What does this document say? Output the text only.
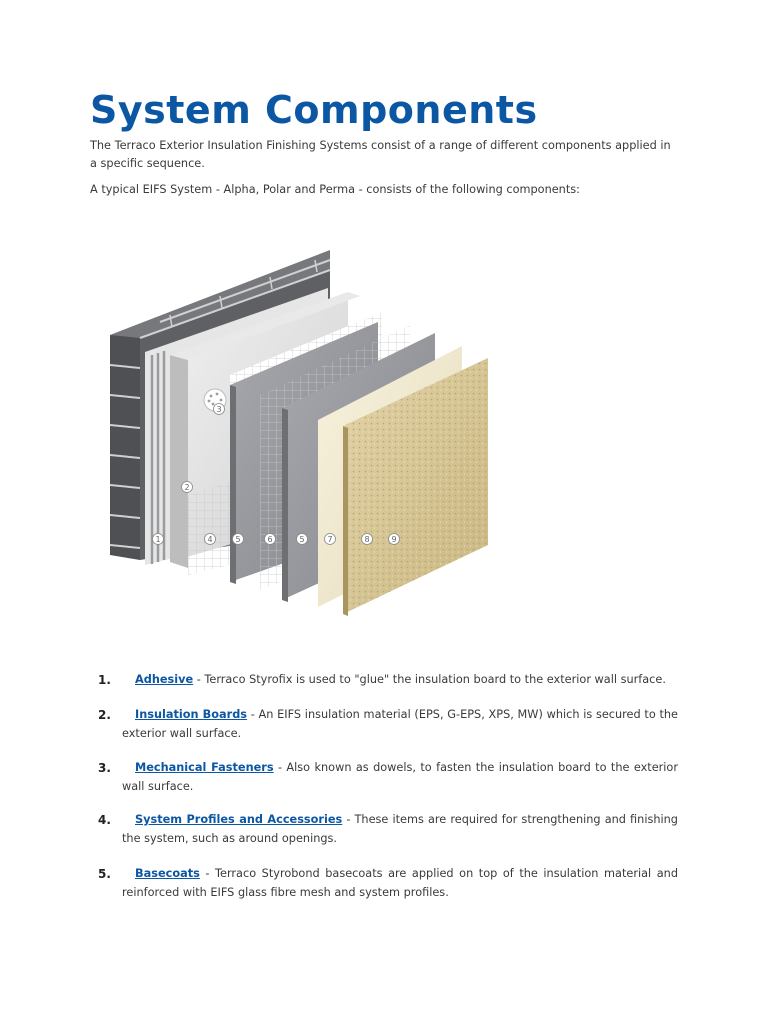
System Components

The Terraco Exterior Insulation Finishing Systems consist of a range of different components applied in a specific sequence.

A typical EIFS System - Alpha, Polar and Perma - consists of the following components:

1
2
3
4	5	6	5	7	8	9
1.	Adhesive - Terraco Styrofix is used to "glue" the insulation board to the exterior wall surface.

2.	Insulation Boards - An EIFS insulation material (EPS, G-EPS, XPS, MW) which is secured to the exterior wall surface.

3.	Mechanical Fasteners - Also known as dowels, to fasten the insulation board to the exterior wall surface.

4.	System Profiles and Accessories - These items are required for strengthening and finishing the system, such as around openings.

5.	Basecoats - Terraco Styrobond basecoats are applied on top of the insulation material and reinforced with EIFS glass fibre mesh and system profiles.
